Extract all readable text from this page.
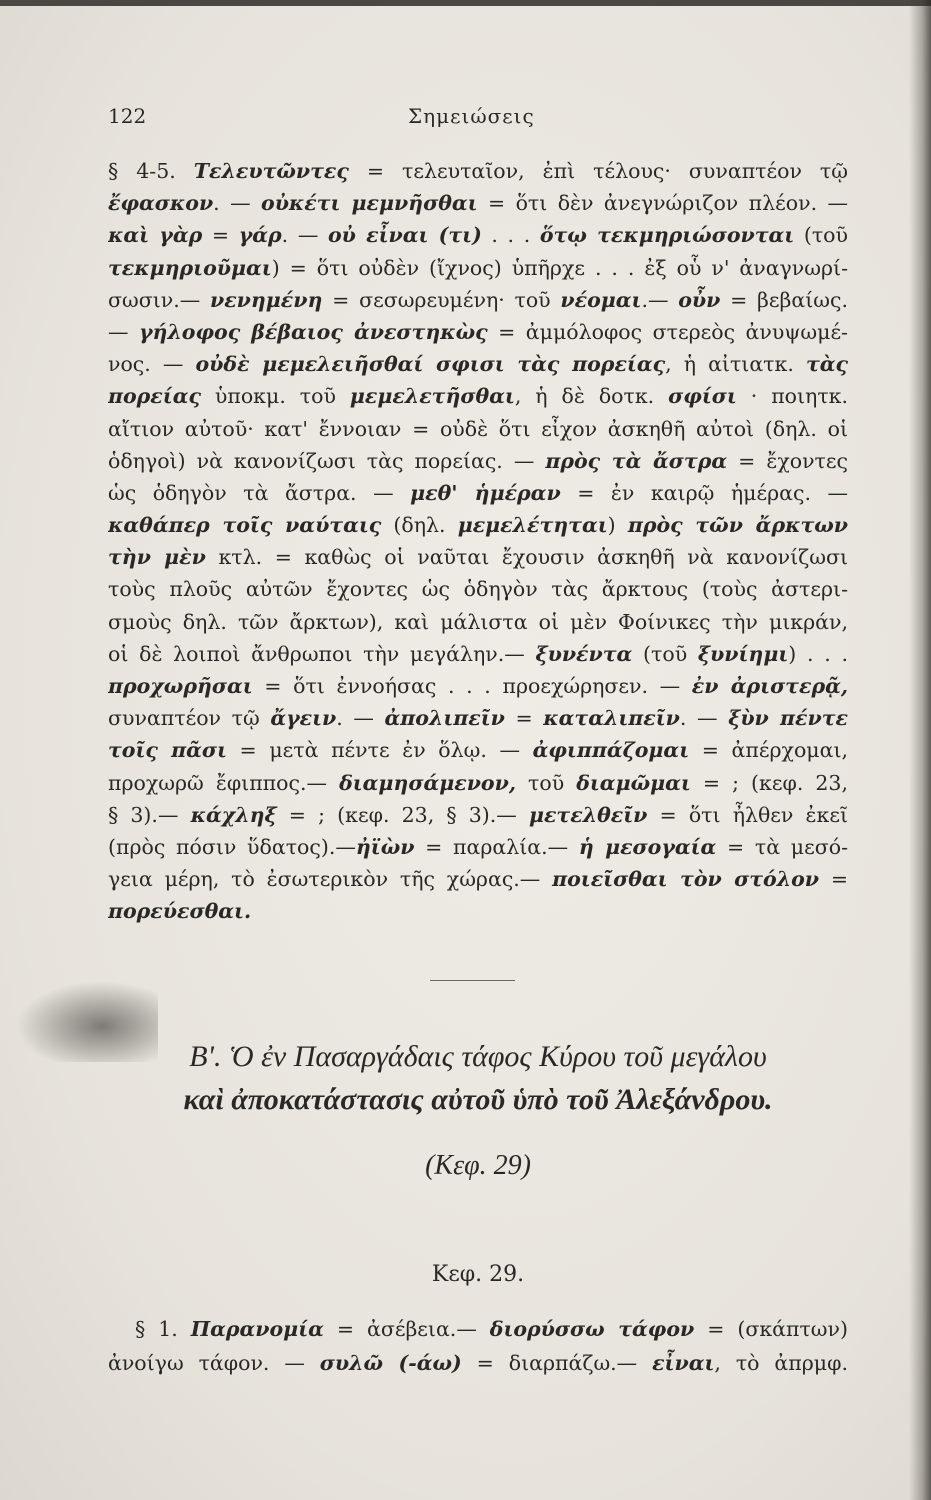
122	Σημειώσεις
§ 4-5. Τελευτῶντες = τελευταῖον, ἐπὶ τέλους· συναπτέον τῷ
ἔφασκον. — οὐκέτι μεμνῆσθαι = ὅτι δὲν ἀνεγνώριζον πλέον. —
καὶ γὰρ = γάρ. — οὐ εἶναι (τι) . . . ὅτῳ τεκμηριώσονται (τοῦ
τεκμηριοῦμαι) = ὅτι οὐδὲν (ἴχνος) ὑπῆρχε . . . ἐξ οὗ ν' ἀναγνωρί-
σωσιν.— νενημένη = σεσωρευμένη· τοῦ νέομαι.— οὖν = βεβαίως.
— γήλοφος βέβαιος ἀνεστηκὼς = ἀμμόλοφος στερεὸς ἀνυψωμέ-
νος. — οὐδὲ μεμελειῆσθαί σφισι τὰς πορείας, ἡ αἰτιατκ. τὰς
πορείας ὑποκμ. τοῦ μεμελετῆσθαι, ἡ δὲ δοτκ. σφίσι · ποιητκ.
αἴτιον αὐτοῦ· κατ' ἔννοιαν = οὐδὲ ὅτι εἶχον ἀσκηθῆ αὐτοὶ (δηλ. οἱ
ὁδηγοὶ) νὰ κανονίζωσι τὰς πορείας. — πρὸς τὰ ἄστρα = ἔχοντες
ὡς ὁδηγὸν τὰ ἄστρα. — μεθ' ἡμέραν = ἐν καιρῷ ἡμέρας. —
καθάπερ τοῖς ναύταις (δηλ. μεμελέτηται) πρὸς τῶν ἄρκτων
τὴν μὲν κτλ. = καθὼς οἱ ναῦται ἔχουσιν ἀσκηθῆ νὰ κανονίζωσι
τοὺς πλοῦς αὐτῶν ἔχοντες ὡς ὁδηγὸν τὰς ἄρκτους (τοὺς ἀστερι-
σμοὺς δηλ. τῶν ἄρκτων), καὶ μάλιστα οἱ μὲν Φοίνικες τὴν μικράν,
οἱ δὲ λοιποὶ ἄνθρωποι τὴν μεγάλην.— ξυνέντα (τοῦ ξυνίημι) . . .
προχωρῆσαι = ὅτι ἐννοήσας . . . προεχώρησεν. — ἐν ἀριστερᾷ,
συναπτέον τῷ ἄγειν. — ἀπολιπεῖν = καταλιπεῖν. — ξὺν πέντε
τοῖς πᾶσι = μετὰ πέντε ἐν ὅλῳ. — ἀφιππάζομαι = ἀπέρχομαι,
προχωρῶ ἔφιππος.— διαμησάμενον, τοῦ διαμῶμαι = ; (κεφ. 23,
§ 3).— κάχληξ = ; (κεφ. 23, § 3).— μετελθεῖν = ὅτι ἦλθεν ἐκεῖ
(πρὸς πόσιν ὕδατος).—ἠϊὼν = παραλία.— ἡ μεσογαία = τὰ μεσό-
γεια μέρη, τὸ ἐσωτερικὸν τῆς χώρας.— ποιεῖσθαι τὸν στόλον =
πορεύεσθαι.
Β'. Ὁ ἐν Πασαργάδαις τάφος Κύρου τοῦ μεγάλου
καὶ ἀποκατάστασις αὐτοῦ ὑπὸ τοῦ Ἀλεξάνδρου.
(Κεφ. 29)
Κεφ. 29.
§ 1. Παρανομία = ἀσέβεια.— διορύσσω τάφον = (σκάπτων)
ἀνοίγω τάφον. — συλῶ (-άω) = διαρπάζω.— εἶναι, τὸ ἀπρμφ.
